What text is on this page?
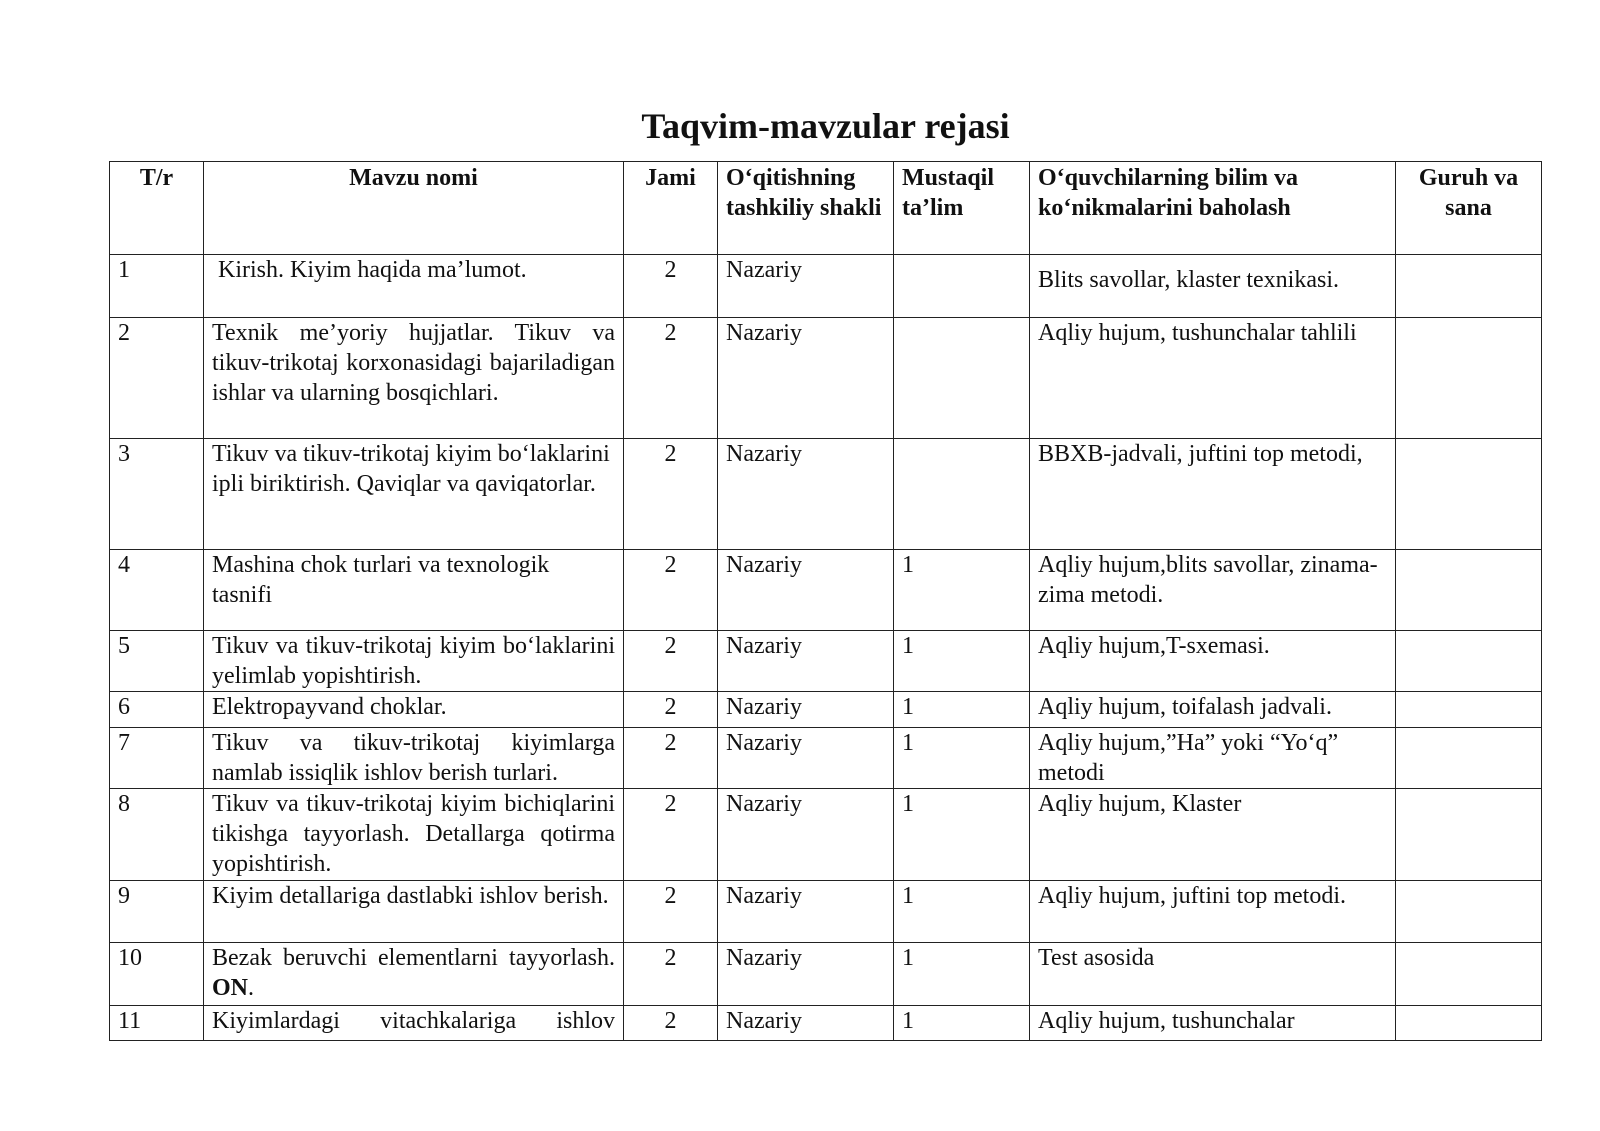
Taqvim-mavzular rejasi
T/r	Mavzu nomi	Jami	O‘qitishning tashkiliy shakli	Mustaqil ta’lim	O‘quvchilarning bilim va ko‘nikmalarini baholash	Guruh va sana
1	Kirish. Kiyim haqida ma’lumot.	2	Nazariy		Blits savollar, klaster texnikasi.	
2	Texnik me’yoriy hujjatlar. Tikuv va tikuv-trikotaj korxonasidagi bajariladigan ishlar va ularning bosqichlari.	2	Nazariy		Aqliy hujum, tushunchalar tahlili	
3	Tikuv va tikuv-trikotaj kiyim bo‘laklarini ipli biriktirish. Qaviqlar va qaviqatorlar.	2	Nazariy		BBXB-jadvali, juftini top metodi,	
4	Mashina chok turlari va texnologik tasnifi	2	Nazariy	1	Aqliy hujum,blits savollar, zinama-zima metodi.	
5	Tikuv va tikuv-trikotaj kiyim bo‘laklarini yelimlab yopishtirish.	2	Nazariy	1	Aqliy hujum,T-sxemasi.	
6	Elektropayvand choklar.	2	Nazariy	1	Aqliy hujum, toifalash jadvali.	
7	Tikuv va tikuv-trikotaj kiyimlarga namlab issiqlik ishlov berish turlari.	2	Nazariy	1	Aqliy hujum,”Ha” yoki “Yo‘q” metodi	
8	Tikuv va tikuv-trikotaj kiyim bichiqlarini tikishga tayyorlash. Detallarga qotirma yopishtirish.	2	Nazariy	1	Aqliy hujum, Klaster	
9	Kiyim detallariga dastlabki ishlov berish.	2	Nazariy	1	Aqliy hujum, juftini top metodi.	
10	Bezak beruvchi elementlarni tayyorlash. ON.	2	Nazariy	1	Test asosida	
11	Kiyimlardagi vitachkalariga ishlov	2	Nazariy	1	Aqliy hujum, tushunchalar	
